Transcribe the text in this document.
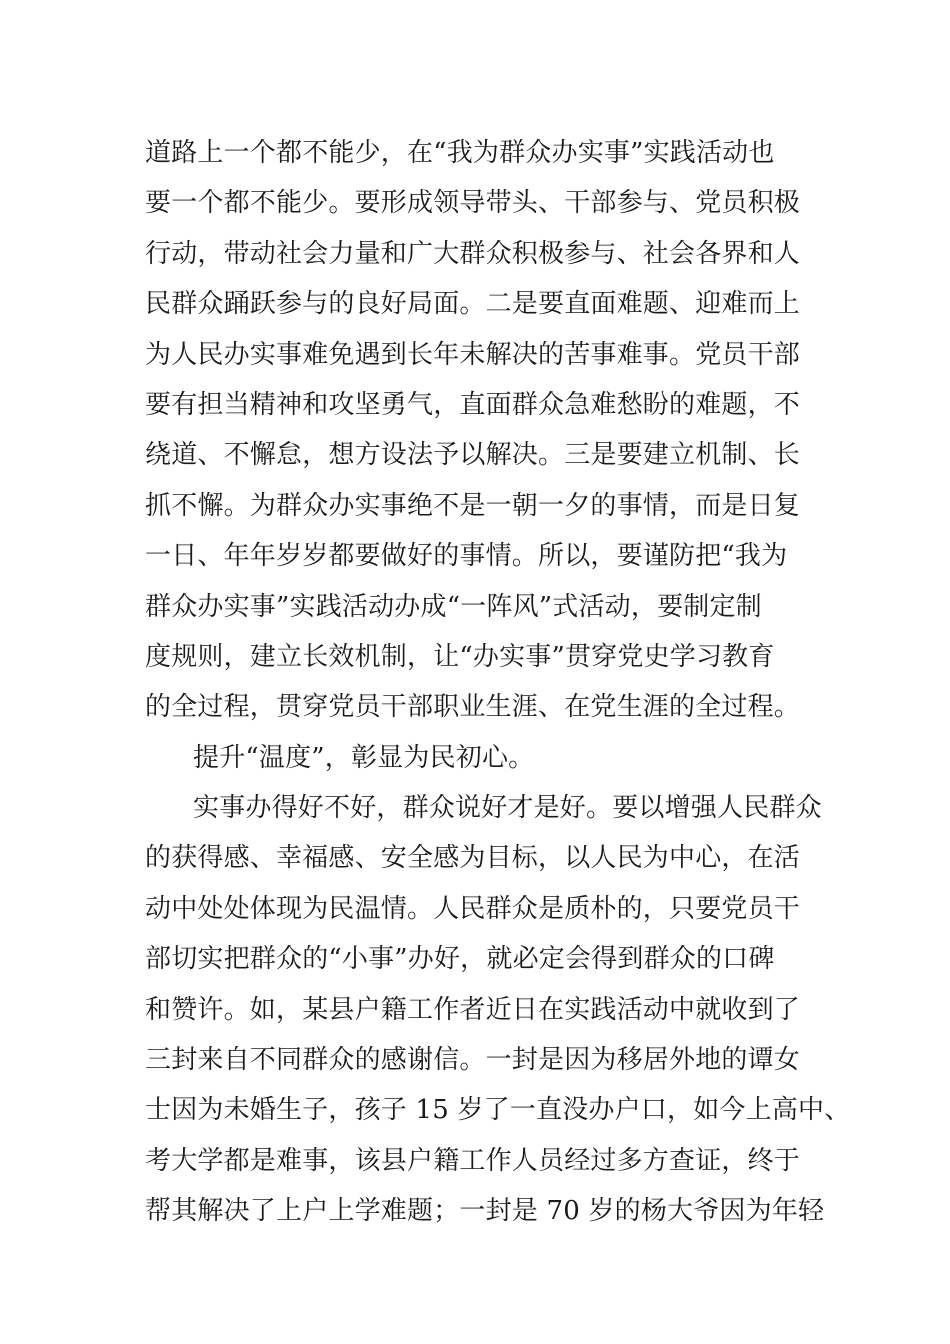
道路上一个都不能少，在“我为群众办实事”实践活动也
要一个都不能少。要形成领导带头、干部参与、党员积极
行动，带动社会力量和广大群众积极参与、社会各界和人
民群众踊跃参与的良好局面。二是要直面难题、迎难而上
为人民办实事难免遇到长年未解决的苦事难事。党员干部
要有担当精神和攻坚勇气，直面群众急难愁盼的难题，不
绕道、不懈怠，想方设法予以解决。三是要建立机制、长
抓不懈。为群众办实事绝不是一朝一夕的事情，而是日复
一日、年年岁岁都要做好的事情。所以，要谨防把“我为
群众办实事”实践活动办成“一阵风”式活动，要制定制
度规则，建立长效机制，让“办实事”贯穿党史学习教育
的全过程，贯穿党员干部职业生涯、在党生涯的全过程。
提升“温度”，彰显为民初心。
实事办得好不好，群众说好才是好。要以增强人民群众
的获得感、幸福感、安全感为目标，以人民为中心，在活
动中处处体现为民温情。人民群众是质朴的，只要党员干
部切实把群众的“小事”办好，就必定会得到群众的口碑
和赞许。如，某县户籍工作者近日在实践活动中就收到了
三封来自不同群众的感谢信。一封是因为移居外地的谭女
士因为未婚生子，孩子 15 岁了一直没办户口，如今上高中、
考大学都是难事，该县户籍工作人员经过多方查证，终于
帮其解决了上户上学难题；一封是 70 岁的杨大爷因为年轻
